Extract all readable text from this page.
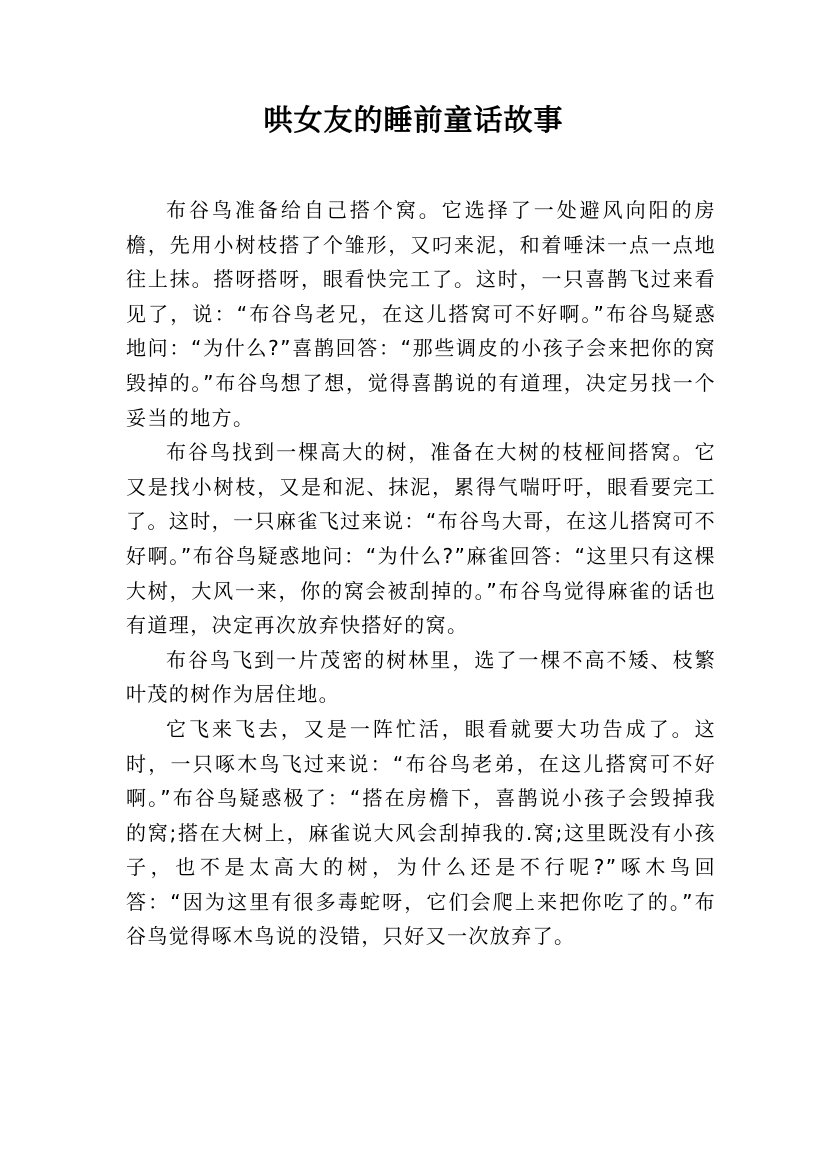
哄女友的睡前童话故事

布谷鸟准备给自己搭个窝。它选择了一处避风向阳的房檐，先用小树枝搭了个雏形，又叼来泥，和着唾沫一点一点地往上抹。搭呀搭呀，眼看快完工了。这时，一只喜鹊飞过来看见了，说：“布谷鸟老兄，在这儿搭窝可不好啊。”布谷鸟疑惑地问：“为什么?”喜鹊回答：“那些调皮的小孩子会来把你的窝毁掉的。”布谷鸟想了想，觉得喜鹊说的有道理，决定另找一个妥当的地方。

布谷鸟找到一棵高大的树，准备在大树的枝桠间搭窝。它又是找小树枝，又是和泥、抹泥，累得气喘吁吁，眼看要完工了。这时，一只麻雀飞过来说：“布谷鸟大哥，在这儿搭窝可不好啊。”布谷鸟疑惑地问：“为什么?”麻雀回答：“这里只有这棵大树，大风一来，你的窝会被刮掉的。”布谷鸟觉得麻雀的话也有道理，决定再次放弃快搭好的窝。

布谷鸟飞到一片茂密的树林里，选了一棵不高不矮、枝繁叶茂的树作为居住地。

它飞来飞去，又是一阵忙活，眼看就要大功告成了。这时，一只啄木鸟飞过来说：“布谷鸟老弟，在这儿搭窝可不好啊。”布谷鸟疑惑极了：“搭在房檐下，喜鹊说小孩子会毁掉我的窝;搭在大树上，麻雀说大风会刮掉我的.窝;这里既没有小孩子，也不是太高大的树，为什么还是不行呢?”啄木鸟回答：“因为这里有很多毒蛇呀，它们会爬上来把你吃了的。”布谷鸟觉得啄木鸟说的没错，只好又一次放弃了。
